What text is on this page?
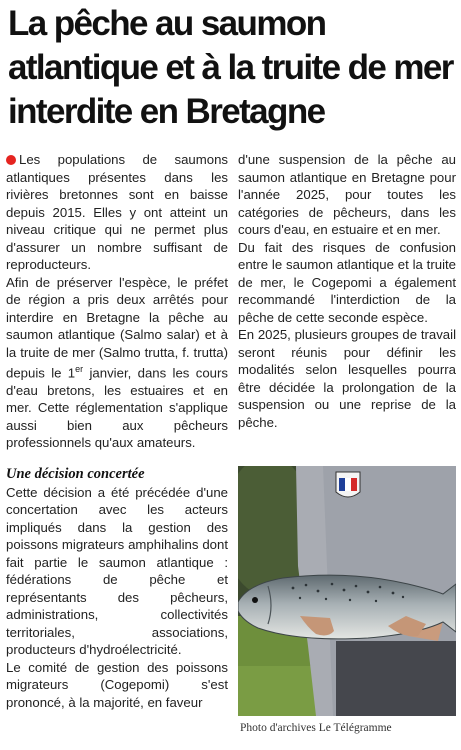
La pêche au saumon atlantique et à la truite de mer interdite en Bretagne

Les populations de saumons atlantiques présentes dans les rivières bretonnes sont en baisse depuis 2015. Elles y ont atteint un niveau critique qui ne permet plus d'assurer un nombre suffisant de reproducteurs.

Afin de préserver l'espèce, le préfet de région a pris deux arrêtés pour interdire en Bretagne la pêche au saumon atlantique (Salmo salar) et à la truite de mer (Salmo trutta, f. trutta) depuis le 1er janvier, dans les cours d'eau bretons, les estuaires et en mer. Cette réglementation s'applique aussi bien aux pêcheurs professionnels qu'aux amateurs.

Une décision concertée

Cette décision a été précédée d'une concertation avec les acteurs impliqués dans la gestion des poissons migrateurs amphihalins dont fait partie le saumon atlantique : fédérations de pêche et représentants des pêcheurs, administrations, collectivités territoriales, associations, producteurs d'hydroélectricité.

Le comité de gestion des poissons migrateurs (Cogepomi) s'est prononcé, à la majorité, en faveur

d'une suspension de la pêche au saumon atlantique en Bretagne pour l'année 2025, pour toutes les catégories de pêcheurs, dans les cours d'eau, en estuaire et en mer.

Du fait des risques de confusion entre le saumon atlantique et la truite de mer, le Cogepomi a également recommandé l'interdiction de la pêche de cette seconde espèce.

En 2025, plusieurs groupes de travail seront réunis pour définir les modalités selon lesquelles pourra être décidée la prolongation de la suspension ou une reprise de la pêche.

Photo d'archives Le Télégramme
